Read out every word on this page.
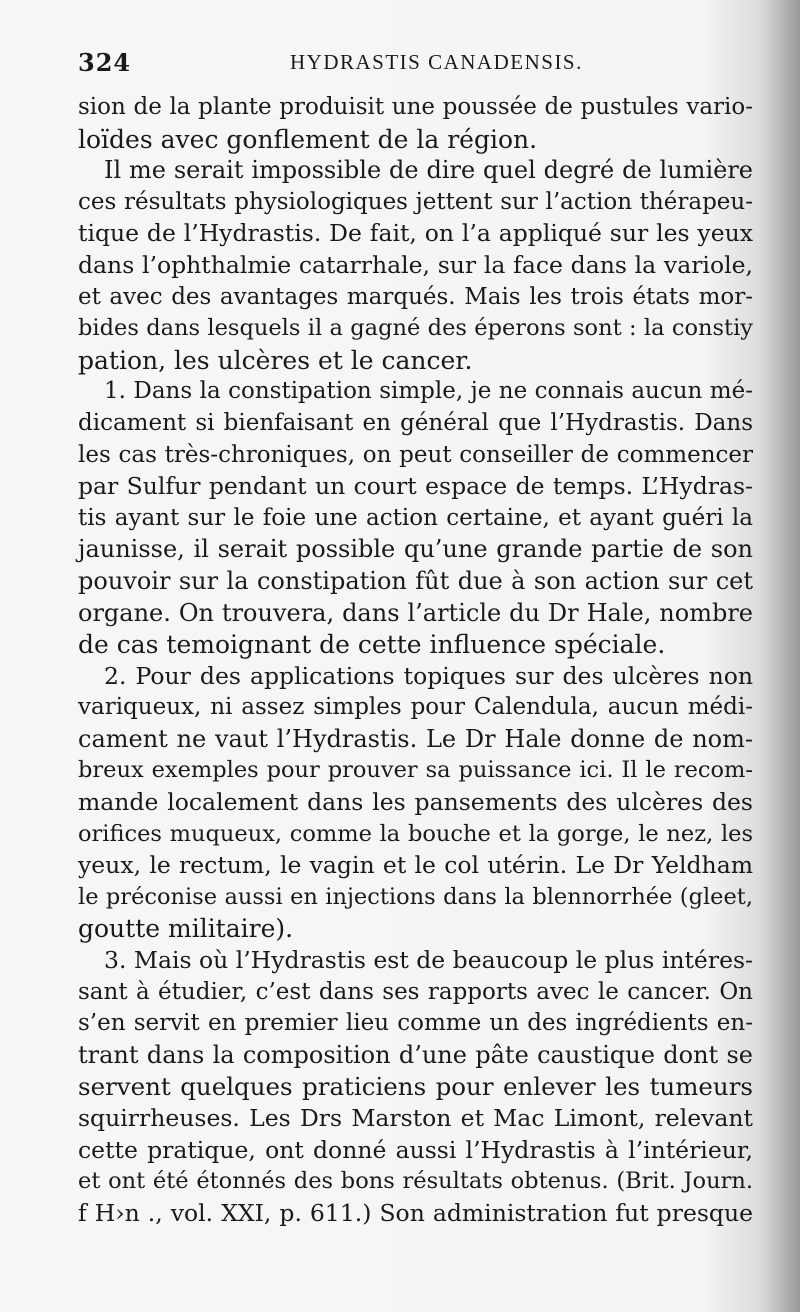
324	HYDRASTIS CANADENSIS.
sion de la plante produisit une poussée de pustules vario-
loïdes avec gonflement de la région.
Il me serait impossible de dire quel degré de lumière
ces résultats physiologiques jettent sur l’action thérapeu-
tique de l’Hydrastis. De fait, on l’a appliqué sur les yeux
dans l’ophthalmie catarrhale, sur la face dans la variole,
et avec des avantages marqués. Mais les trois états mor-
bides dans lesquels il a gagné des éperons sont : la constiy
pation, les ulcères et le cancer.
1. Dans la constipation simple, je ne connais aucun mé-
dicament si bienfaisant en général que l’Hydrastis. Dans
les cas très-chroniques, on peut conseiller de commencer
par Sulfur pendant un court espace de temps. L’Hydras-
tis ayant sur le foie une action certaine, et ayant guéri la
jaunisse, il serait possible qu’une grande partie de son
pouvoir sur la constipation fût due à son action sur cet
organe. On trouvera, dans l’article du Dr Hale, nombre
de cas temoignant de cette influence spéciale.
2. Pour des applications topiques sur des ulcères non
variqueux, ni assez simples pour Calendula, aucun médi-
cament ne vaut l’Hydrastis. Le Dr Hale donne de nom-
breux exemples pour prouver sa puissance ici. Il le recom-
mande localement dans les pansements des ulcères des
orifices muqueux, comme la bouche et la gorge, le nez, les
yeux, le rectum, le vagin et le col utérin. Le Dr Yeldham
le préconise aussi en injections dans la blennorrhée (gleet,
goutte militaire).
3. Mais où l’Hydrastis est de beaucoup le plus intéres-
sant à étudier, c’est dans ses rapports avec le cancer. On
s’en servit en premier lieu comme un des ingrédients en-
trant dans la composition d’une pâte caustique dont se
servent quelques praticiens pour enlever les tumeurs
squirrheuses. Les Drs Marston et Mac Limont, relevant
cette pratique, ont donné aussi l’Hydrastis à l’intérieur,
et ont été étonnés des bons résultats obtenus. (Brit. Journ.
f H›n ., vol. XXI, p. 611.) Son administration fut presque
